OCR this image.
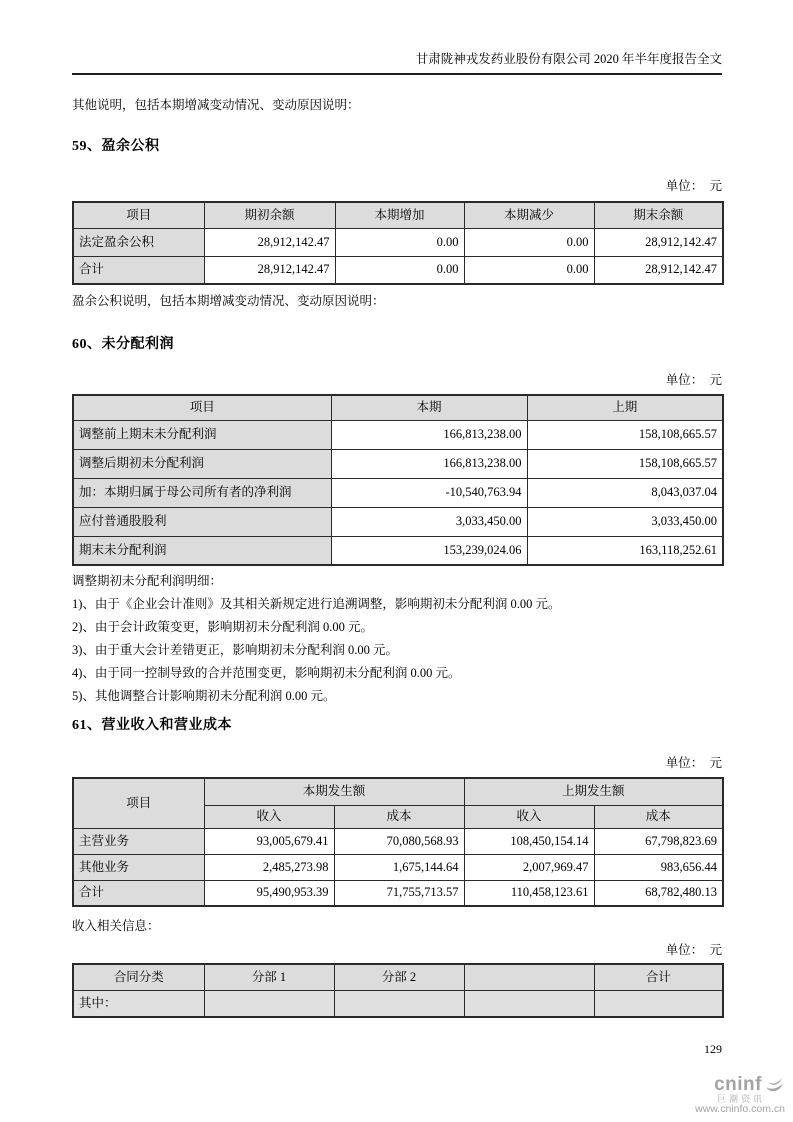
甘肃陇神戎发药业股份有限公司 2020 年半年度报告全文
其他说明，包括本期增减变动情况、变动原因说明：
59、盈余公积
单位：　元
项目	期初余额	本期增加	本期减少	期末余额
法定盈余公积	28,912,142.47	0.00	0.00	28,912,142.47
合计	28,912,142.47	0.00	0.00	28,912,142.47
盈余公积说明，包括本期增减变动情况、变动原因说明：
60、未分配利润
单位：　元
项目	本期	上期
调整前上期末未分配利润	166,813,238.00	158,108,665.57
调整后期初未分配利润	166,813,238.00	158,108,665.57
加：本期归属于母公司所有者的净利润	-10,540,763.94	8,043,037.04
应付普通股股利	3,033,450.00	3,033,450.00
期末未分配利润	153,239,024.06	163,118,252.61
调整期初未分配利润明细：
1)、由于《企业会计准则》及其相关新规定进行追溯调整，影响期初未分配利润 0.00 元。
2)、由于会计政策变更，影响期初未分配利润 0.00 元。
3)、由于重大会计差错更正，影响期初未分配利润 0.00 元。
4)、由于同一控制导致的合并范围变更，影响期初未分配利润 0.00 元。
5)、其他调整合计影响期初未分配利润 0.00 元。
61、营业收入和营业成本
单位：　元
项目	本期发生额		上期发生额	
	收入	成本	收入	成本
主营业务	93,005,679.41	70,080,568.93	108,450,154.14	67,798,823.69
其他业务	2,485,273.98	1,675,144.64	2,007,969.47	983,656.44
合计	95,490,953.39	71,755,713.57	110,458,123.61	68,782,480.13
收入相关信息：
单位：　元
合同分类	分部 1	分部 2		合计
其中：				
129
cninf
巨潮资讯
www.cninfo.com.cn
